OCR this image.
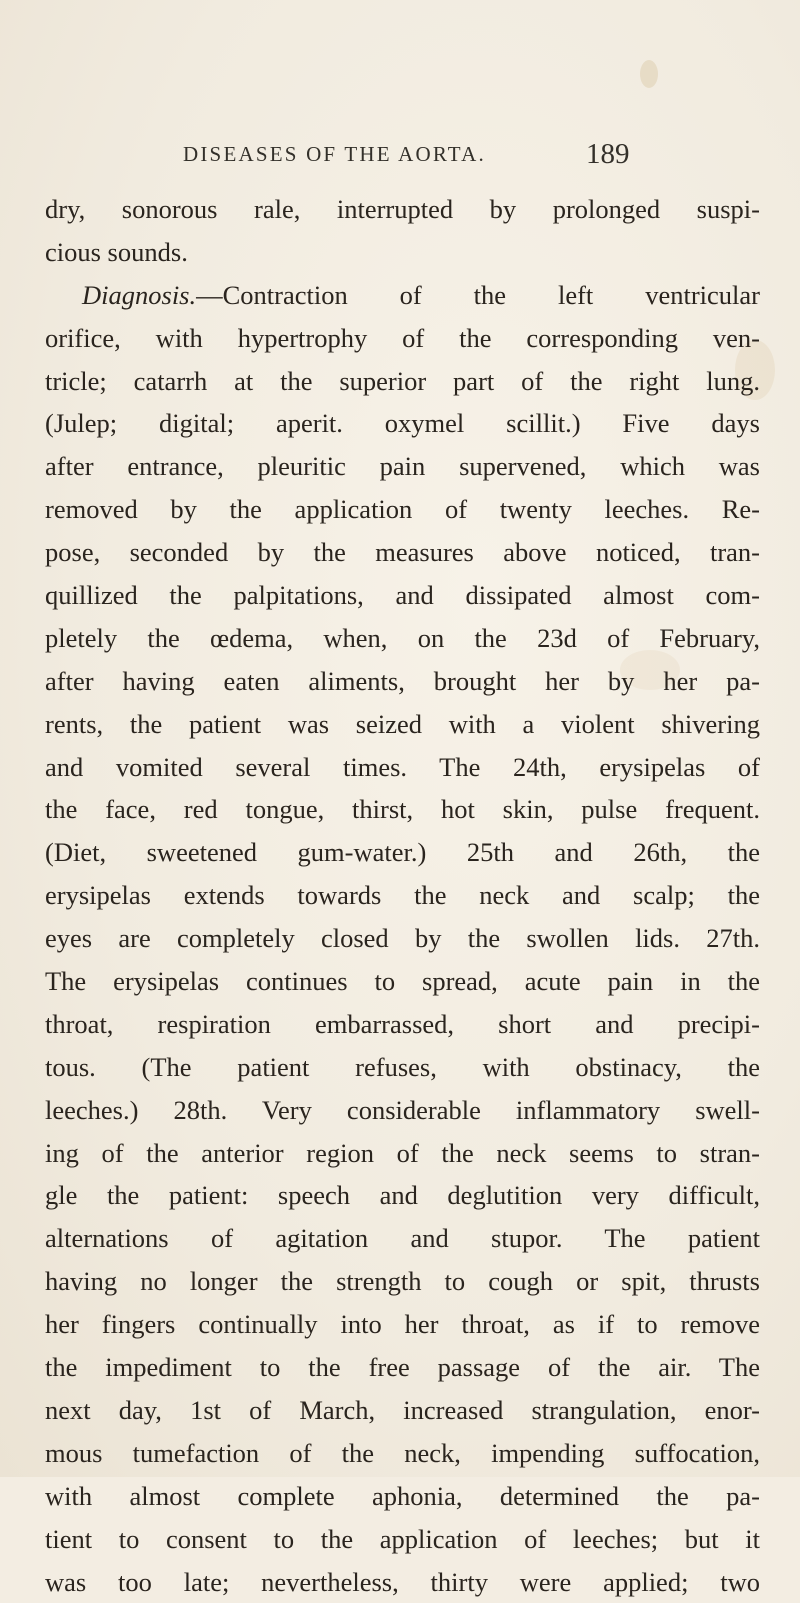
DISEASES OF THE AORTA.	189
dry, sonorous rale, interrupted by prolonged suspi-
cious sounds.
Diagnosis.—Contraction of the left ventricular
orifice, with hypertrophy of the corresponding ven-
tricle; catarrh at the superior part of the right lung.
(Julep; digital; aperit. oxymel scillit.) Five days
after entrance, pleuritic pain supervened, which was
removed by the application of twenty leeches. Re-
pose, seconded by the measures above noticed, tran-
quillized the palpitations, and dissipated almost com-
pletely the œdema, when, on the 23d of February,
after having eaten aliments, brought her by her pa-
rents, the patient was seized with a violent shivering
and vomited several times. The 24th, erysipelas of
the face, red tongue, thirst, hot skin, pulse frequent.
(Diet, sweetened gum-water.) 25th and 26th, the
erysipelas extends towards the neck and scalp; the
eyes are completely closed by the swollen lids. 27th.
The erysipelas continues to spread, acute pain in the
throat, respiration embarrassed, short and precipi-
tous. (The patient refuses, with obstinacy, the
leeches.) 28th. Very considerable inflammatory swell-
ing of the anterior region of the neck seems to stran-
gle the patient: speech and deglutition very difficult,
alternations of agitation and stupor. The patient
having no longer the strength to cough or spit, thrusts
her fingers continually into her throat, as if to remove
the impediment to the free passage of the air. The
next day, 1st of March, increased strangulation, enor-
mous tumefaction of the neck, impending suffocation,
with almost complete aphonia, determined the pa-
tient to consent to the application of leeches; but it
was too late; nevertheless, thirty were applied; two
